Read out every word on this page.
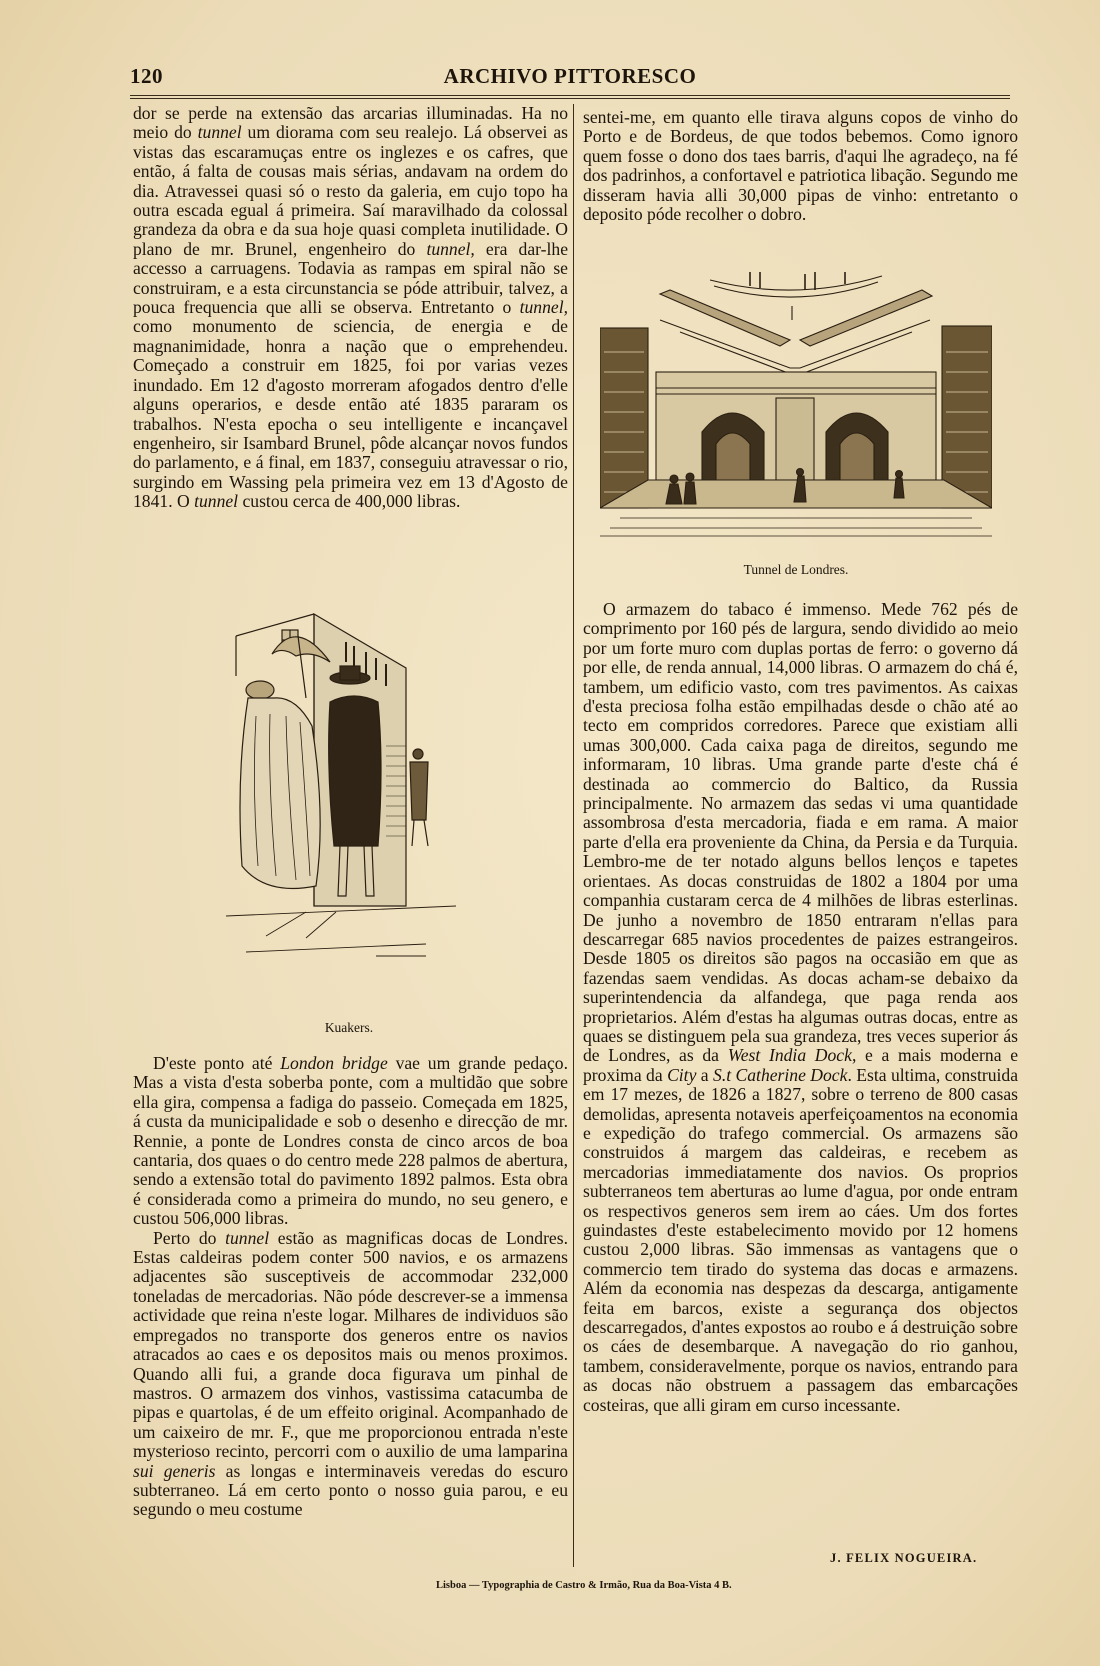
120	ARCHIVO PITTORESCO

dor se perde na extensão das arcarias illuminadas. Ha no meio do tunnel um diorama com seu realejo. Lá observei as vistas das escaramuças entre os inglezes e os cafres, que então, á falta de cousas mais sérias, andavam na ordem do dia. Atravessei quasi só o resto da galeria, em cujo topo ha outra escada egual á primeira. Saí maravilhado da colossal grandeza da obra e da sua hoje quasi completa inutilidade. O plano de mr. Brunel, engenheiro do tunnel, era dar-lhe accesso a carruagens. Todavia as rampas em spiral não se construiram, e a esta circunstancia se póde attribuir, talvez, a pouca frequencia que alli se observa. Entretanto o tunnel, como monumento de sciencia, de energia e de magnanimidade, honra a nação que o emprehendeu. Começado a construir em 1825, foi por varias vezes inundado. Em 12 d'agosto morreram afogados dentro d'elle alguns operarios, e desde então até 1835 pararam os trabalhos. N'esta epocha o seu intelligente e incançavel engenheiro, sir Isambard Brunel, pôde alcançar novos fundos do parlamento, e á final, em 1837, conseguiu atravessar o rio, surgindo em Wassing pela primeira vez em 13 d'Agosto de 1841. O tunnel custou cerca de 400,000 libras.

Kuakers.

D'este ponto até London bridge vae um grande pedaço. Mas a vista d'esta soberba ponte, com a multidão que sobre ella gira, compensa a fadiga do passeio. Começada em 1825, á custa da municipalidade e sob o desenho e direcção de mr. Rennie, a ponte de Londres consta de cinco arcos de boa cantaria, dos quaes o do centro mede 228 palmos de abertura, sendo a extensão total do pavimento 1892 palmos. Esta obra é considerada como a primeira do mundo, no seu genero, e custou 506,000 libras.

Perto do tunnel estão as magnificas docas de Londres. Estas caldeiras podem conter 500 navios, e os armazens adjacentes são susceptiveis de accommodar 232,000 toneladas de mercadorias. Não póde descrever-se a immensa actividade que reina n'este logar. Milhares de individuos são empregados no transporte dos generos entre os navios atracados ao caes e os depositos mais ou menos proximos. Quando alli fui, a grande doca figurava um pinhal de mastros. O armazem dos vinhos, vastissima catacumba de pipas e quartolas, é de um effeito original. Acompanhado de um caixeiro de mr. F., que me proporcionou entrada n'este mysterioso recinto, percorri com o auxilio de uma lamparina sui generis as longas e interminaveis veredas do escuro subterraneo. Lá em certo ponto o nosso guia parou, e eu segundo o meu costume

sentei-me, em quanto elle tirava alguns copos de vinho do Porto e de Bordeus, de que todos bebemos. Como ignoro quem fosse o dono dos taes barris, d'aqui lhe agradeço, na fé dos padrinhos, a confortavel e patriotica libação. Segundo me disseram havia alli 30,000 pipas de vinho: entretanto o deposito póde recolher o dobro.

Tunnel de Londres.

O armazem do tabaco é immenso. Mede 762 pés de comprimento por 160 pés de largura, sendo dividido ao meio por um forte muro com duplas portas de ferro: o governo dá por elle, de renda annual, 14,000 libras. O armazem do chá é, tambem, um edificio vasto, com tres pavimentos. As caixas d'esta preciosa folha estão empilhadas desde o chão até ao tecto em compridos corredores. Parece que existiam alli umas 300,000. Cada caixa paga de direitos, segundo me informaram, 10 libras. Uma grande parte d'este chá é destinada ao commercio do Baltico, da Russia principalmente. No armazem das sedas vi uma quantidade assombrosa d'esta mercadoria, fiada e em rama. A maior parte d'ella era proveniente da China, da Persia e da Turquia. Lembro-me de ter notado alguns bellos lenços e tapetes orientaes. As docas construidas de 1802 a 1804 por uma companhia custaram cerca de 4 milhões de libras esterlinas. De junho a novembro de 1850 entraram n'ellas para descarregar 685 navios procedentes de paizes estrangeiros. Desde 1805 os direitos são pagos na occasião em que as fazendas saem vendidas. As docas acham-se debaixo da superintendencia da alfandega, que paga renda aos proprietarios. Além d'estas ha algumas outras docas, entre as quaes se distinguem pela sua grandeza, tres veces superior ás de Londres, as da West India Dock, e a mais moderna e proxima da City a S.t Catherine Dock. Esta ultima, construida em 17 mezes, de 1826 a 1827, sobre o terreno de 800 casas demolidas, apresenta notaveis aperfeiçoamentos na economia e expedição do trafego commercial. Os armazens são construidos á margem das caldeiras, e recebem as mercadorias immediatamente dos navios. Os proprios subterraneos tem aberturas ao lume d'agua, por onde entram os respectivos generos sem irem ao cáes. Um dos fortes guindastes d'este estabelecimento movido por 12 homens custou 2,000 libras. São immensas as vantagens que o commercio tem tirado do systema das docas e armazens. Além da economia nas despezas da descarga, antigamente feita em barcos, existe a segurança dos objectos descarregados, d'antes expostos ao roubo e á destruição sobre os cáes de desembarque. A navegação do rio ganhou, tambem, consideravelmente, porque os navios, entrando para as docas não obstruem a passagem das embarcações costeiras, que alli giram em curso incessante.

J. FELIX NOGUEIRA.
Lisboa — Typographia de Castro & Irmão, Rua da Boa-Vista 4 B.
